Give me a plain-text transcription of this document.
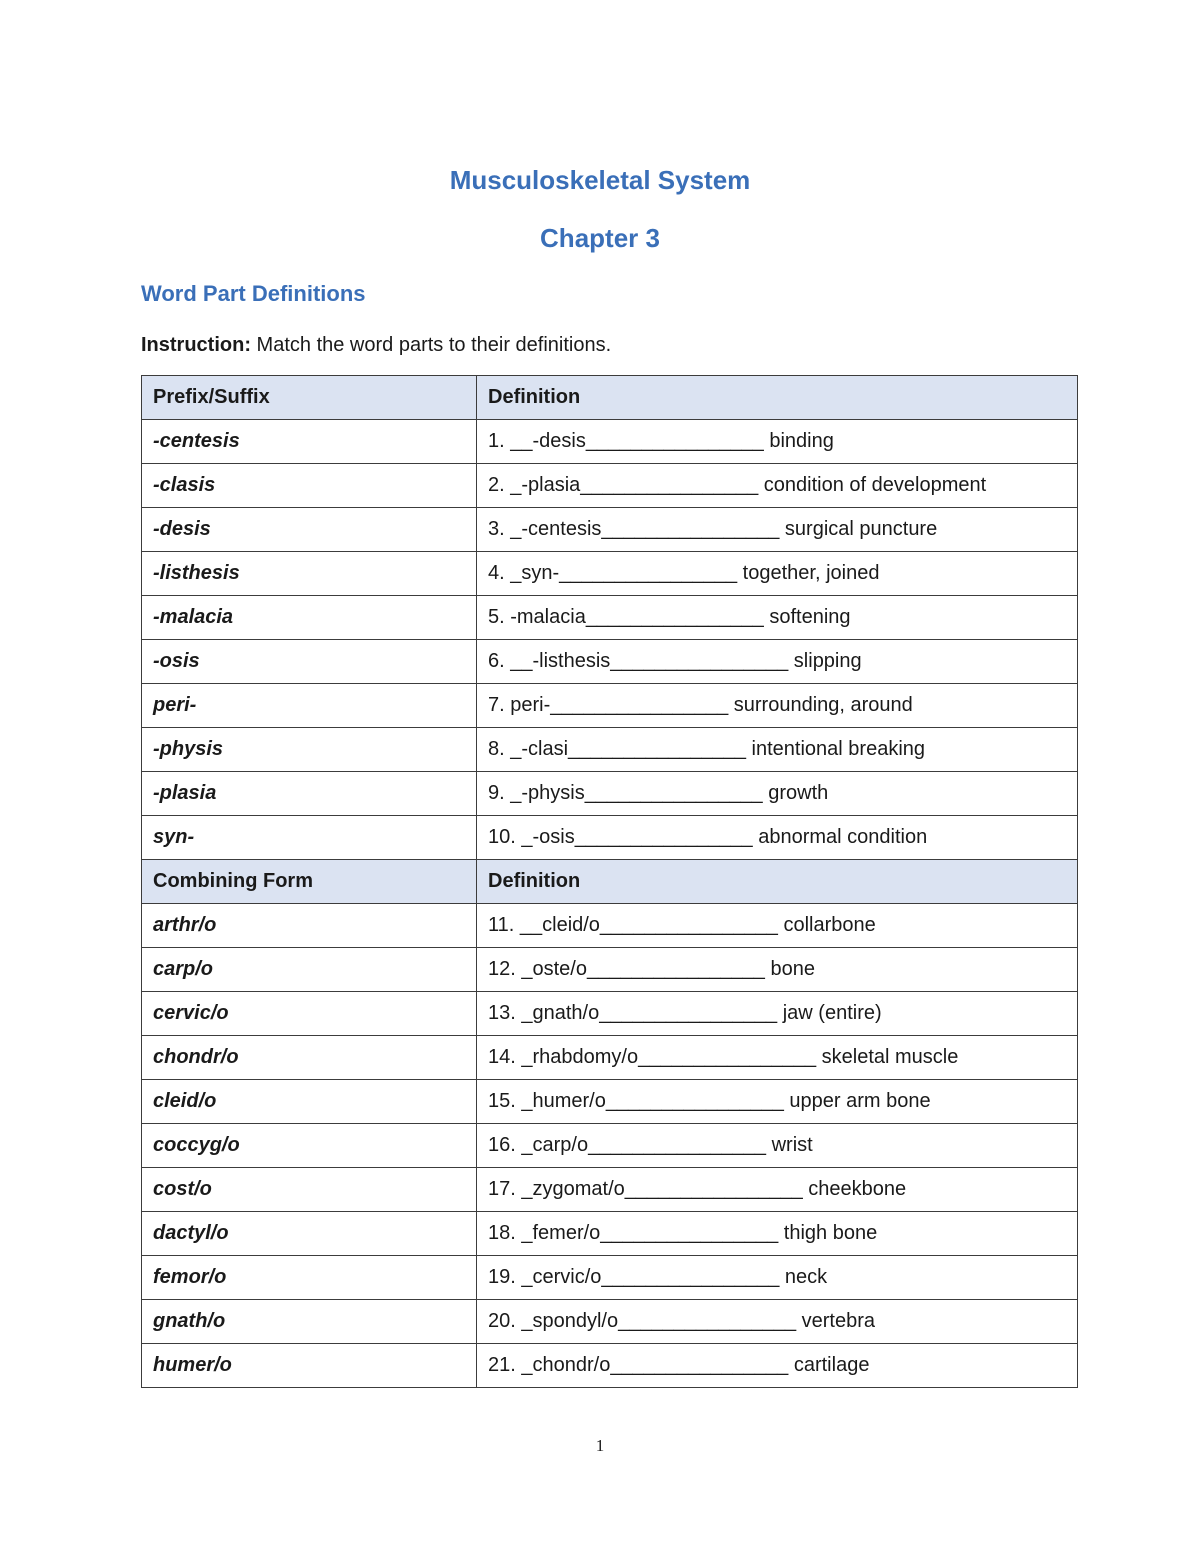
Musculoskeletal System
Chapter 3
Word Part Definitions
Instruction: Match the word parts to their definitions.
Prefix/Suffix	Definition
-centesis	1. __-desis________________ binding
-clasis	2. _-plasia________________ condition of development
-desis	3. _-centesis________________ surgical puncture
-listhesis	4. _syn-________________ together, joined
-malacia	5. -malacia________________ softening
-osis	6. __-listhesis________________ slipping
peri-	7. peri-________________ surrounding, around
-physis	8. _-clasi________________ intentional breaking
-plasia	9. _-physis________________ growth
syn-	10. _-osis________________ abnormal condition
Combining Form	Definition
arthr/o	11. __cleid/o________________ collarbone
carp/o	12. _oste/o________________ bone
cervic/o	13. _gnath/o________________ jaw (entire)
chondr/o	14. _rhabdomy/o________________ skeletal muscle
cleid/o	15. _humer/o________________ upper arm bone
coccyg/o	16. _carp/o________________ wrist
cost/o	17. _zygomat/o________________ cheekbone
dactyl/o	18. _femer/o________________ thigh bone
femor/o	19. _cervic/o________________ neck
gnath/o	20. _spondyl/o________________ vertebra
humer/o	21. _chondr/o________________ cartilage
1
